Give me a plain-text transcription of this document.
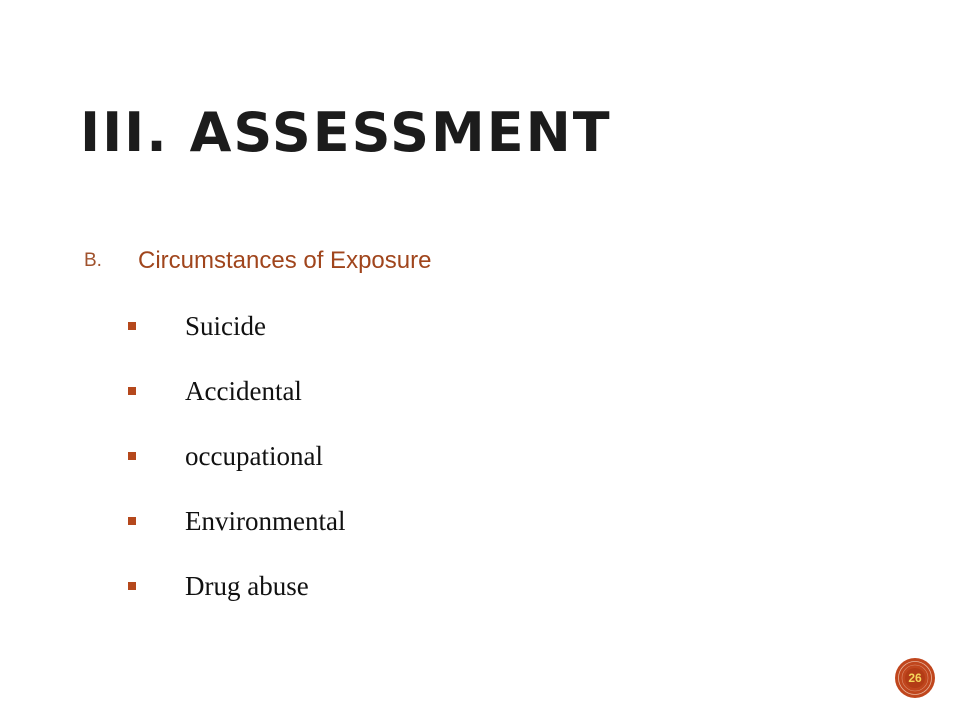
III. ASSESSMENT
B.	Circumstances of Exposure
Suicide
Accidental
occupational
Environmental
Drug abuse
26
